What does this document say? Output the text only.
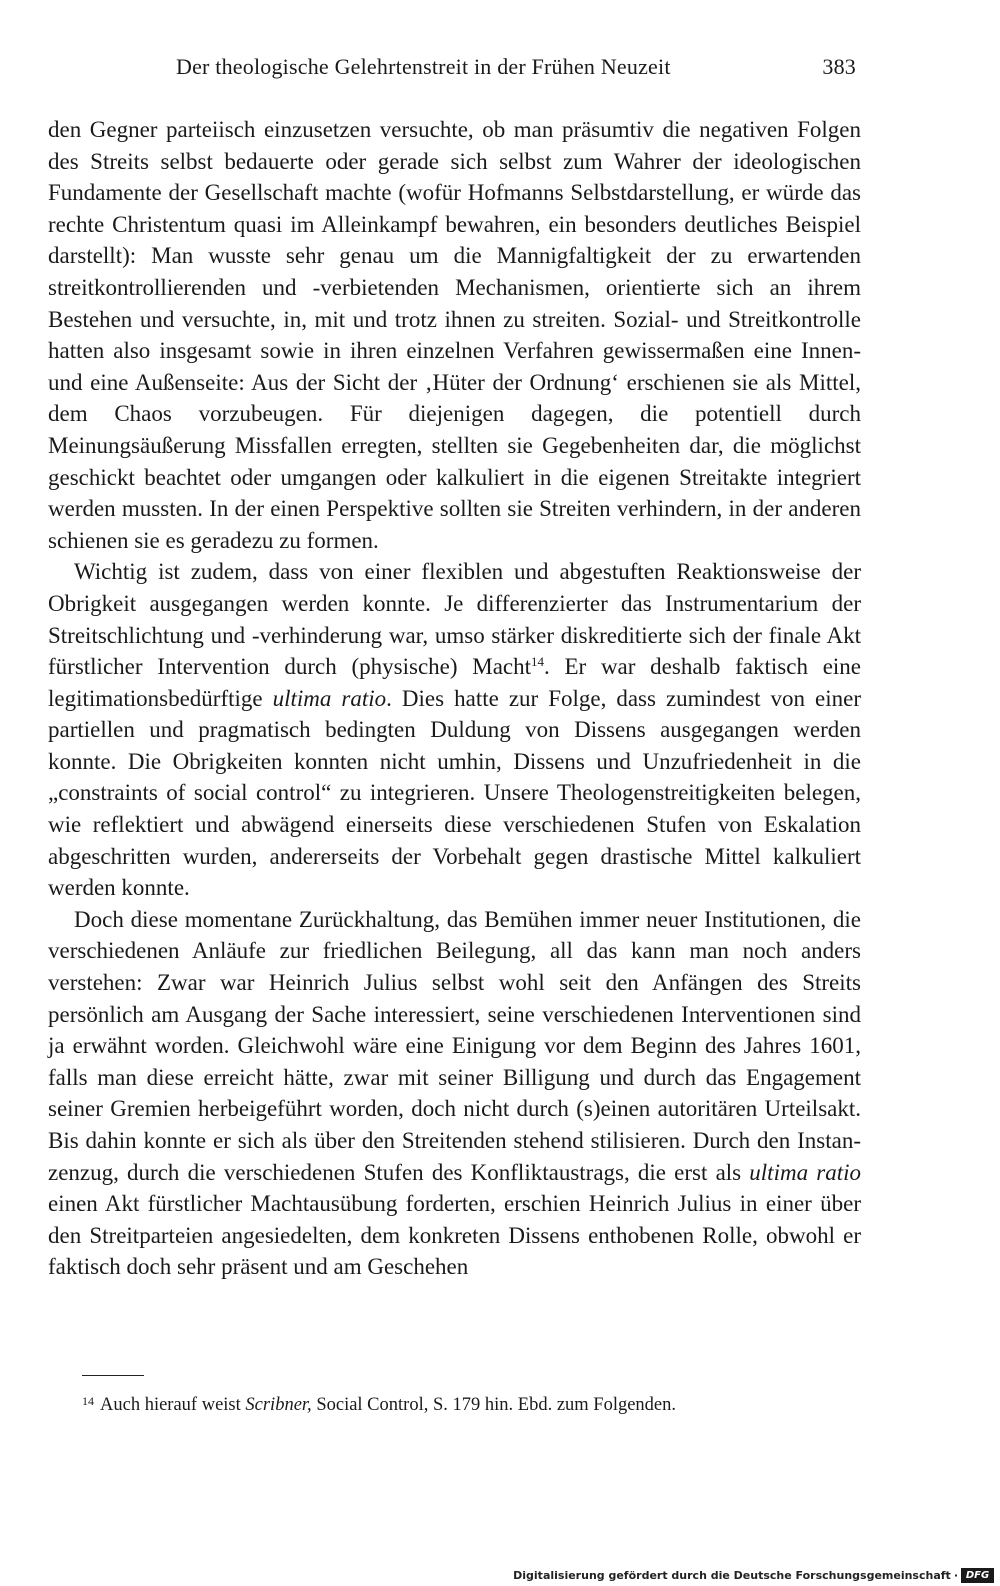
Der theologische Gelehrtenstreit in der Frühen Neuzeit	383

den Gegner parteiisch einzusetzen versuchte, ob man präsumtiv die negativen Folgen des Streits selbst bedauerte oder gerade sich selbst zum Wahrer der ideologischen Fundamente der Gesellschaft machte (wofür Hofmanns Selbstdarstellung, er würde das rechte Christentum quasi im Alleinkampf bewahren, ein besonders deutliches Beispiel darstellt): Man wusste sehr genau um die Mannigfaltigkeit der zu erwartenden streitkontrollierenden und -verbietenden Mechanismen, orientierte sich an ihrem Bestehen und versuchte, in, mit und trotz ihnen zu streiten. Sozial- und Streitkontrolle hatten also insgesamt sowie in ihren einzelnen Verfahren gewissermaßen eine Innen- und eine Außenseite: Aus der Sicht der ‚Hüter der Ordnung‘ erschienen sie als Mittel, dem Chaos vorzubeugen. Für diejenigen dagegen, die potentiell durch Meinungsäußerung Missfallen erregten, stellten sie Gegebenheiten dar, die möglichst geschickt beachtet oder umgangen oder kalkuliert in die eigenen Streitakte integriert werden mussten. In der einen Perspektive sollten sie Streiten verhindern, in der anderen schienen sie es geradezu zu formen.

Wichtig ist zudem, dass von einer flexiblen und abgestuften Reaktionsweise der Obrigkeit ausgegangen werden konnte. Je differenzierter das Instrumentarium der Streitschlichtung und -verhinderung war, umso stärker diskreditierte sich der finale Akt fürstlicher Intervention durch (physische) Macht$^{14}$. Er war deshalb faktisch eine legitimationsbedürftige ultima ratio. Dies hatte zur Folge, dass zumindest von einer partiellen und pragmatisch bedingten Duldung von Dissens ausgegangen werden konnte. Die Obrigkeiten konnten nicht umhin, Dissens und Unzufriedenheit in die „constraints of social control“ zu integrieren. Unsere Theologenstreitigkeiten belegen, wie reflektiert und abwägend einerseits diese verschiedenen Stufen von Eskalation abgeschritten wurden, andererseits der Vorbehalt gegen drastische Mittel kalkuliert werden konnte.

Doch diese momentane Zurückhaltung, das Bemühen immer neuer Institutionen, die verschiedenen Anläufe zur friedlichen Beilegung, all das kann man noch anders verstehen: Zwar war Heinrich Julius selbst wohl seit den Anfängen des Streits persönlich am Ausgang der Sache interessiert, seine verschiedenen Interventionen sind ja erwähnt worden. Gleichwohl wäre eine Einigung vor dem Beginn des Jahres 1601, falls man diese erreicht hätte, zwar mit seiner Billigung und durch das Engagement seiner Gremien herbeigeführt worden, doch nicht durch (s)einen autoritären Urteilsakt. Bis dahin konnte er sich als über den Streitenden stehend stilisieren. Durch den Instanzenzug, durch die verschiedenen Stufen des Konfliktaustrags, die erst als ultima ratio einen Akt fürstlicher Machtausübung forderten, erschien Heinrich Julius in einer über den Streitparteien angesiedelten, dem konkreten Dissens enthobenen Rolle, obwohl er faktisch doch sehr präsent und am Geschehen

$^{14}$ Auch hierauf weist Scribner, Social Control, S. 179 hin. Ebd. zum Folgenden.
Digitalisierung gefördert durch die Deutsche Forschungsgemeinschaft · DFG
